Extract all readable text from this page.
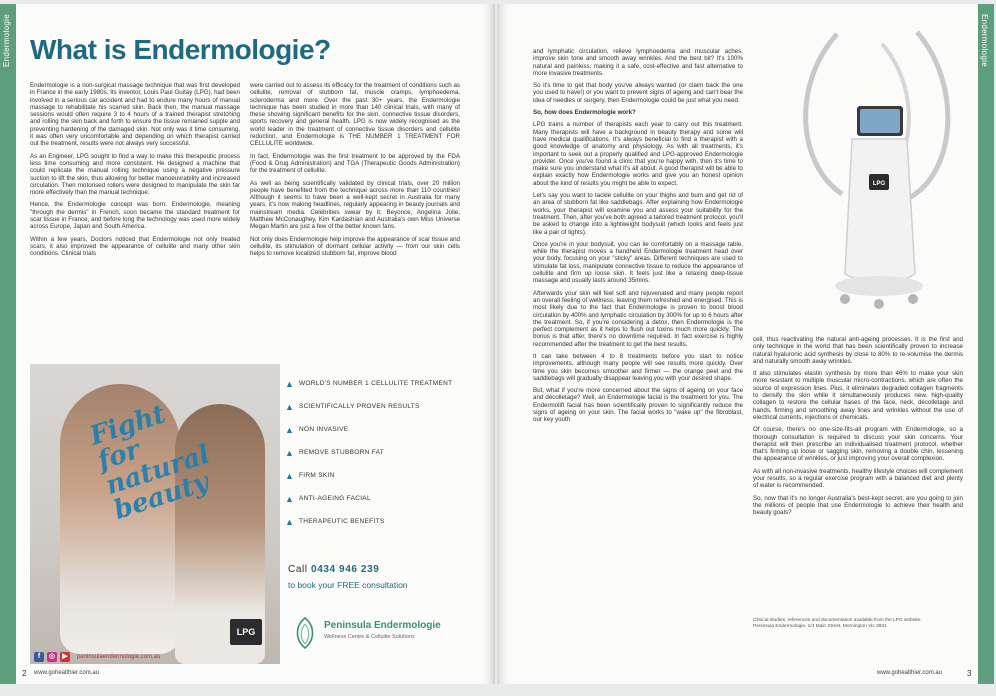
Endermologie What is Endermologie?

Endermologie is a non-surgical massage technique that was first developed in France in the early 1980s. Its inventor, Louis Paul Guitay (LPG), had been involved in a serious car accident and had to endure many hours of manual massage to rehabilitate his scarred skin. Back then, the manual massage sessions would often require 3 to 4 hours of a trained therapist stretching and rolling the skin back and forth to ensure the tissue remained supple and preventing hardening of the damaged skin. Not only was it time consuming, it was often very uncomfortable and depending on which therapist carried out the treatment, results were not always very successful.

As an Engineer, LPG sought to find a way to make this therapeutic process less time consuming and more consistent. He designed a machine that could replicate the manual rolling technique using a negative pressure suction to lift the skin, thus allowing for better manoeuvrability and increased circulation. Then motorised rollers were designed to manipulate the skin far more effectively than the manual technique.

Hence, the Endermologie concept was born. Endermologie, meaning "through the dermis" in French, soon became the standard treatment for scar tissue in France, and before long the technology was used more widely across Europe, Japan and South America.

Within a few years, Doctors noticed that Endermologie not only treated scars, it also improved the appearance of cellulite and many other skin conditions. Clinical trials

were carried out to assess its efficacy for the treatment of conditions such as cellulite, removal of stubborn fat, muscle cramps, lymphoedema, scleroderma and more. Over the past 30+ years, the Endermologie technique has been studied in more than 140 clinical trials, with many of these showing significant benefits for the skin, connective tissue disorders, sports recovery and general health. LPG is now widely recognised as the world leader in the treatment of connective tissue disorders and cellulite reduction, and Endermologie is THE NUMBER 1 TREATMENT FOR CELLULITE worldwide.

In fact, Endermologie was the first treatment to be approved by the FDA (Food & Drug Administration) and TGA (Therapeutic Goods Administration) for the treatment of cellulite.

As well as being scientifically validated by clinical trials, over 20 million people have benefited from the technique across more than 110 countries! Although it seems to have been a well-kept secret in Australia for many years, it's now making headlines, regularly appearing in beauty journals and mainstream media. Celebrities swear by it; Beyonce, Angelina Jolie, Matthew McConaughey, Kim Kardashian and Australia's own Miss Universe Megan Martin are just a few of the better known fans.

Not only does Endermologie help improve the appearance of scar tissue and cellulite, its stimulation of dormant cellular activity — from our skin cells helps to remove localized stubborn fat, improve blood

Fight for natural beauty
LPG
f	◎	▶	peninsulaendermologie.com.au
▲ WORLD'S NUMBER 1 CELLULITE TREATMENT
▲ SCIENTIFICALLY PROVEN RESULTS
▲ NON INVASIVE
▲ REMOVE STUBBORN FAT
▲ FIRM SKIN
▲ ANTI-AGEING FACIAL
▲ THERAPEUTIC BENEFITS
Call 0434 946 239
to book your FREE consultation
Peninsula Endermologie
Wellness Centre & Cellulite Solutions
2 www.gohealthier.com.au
Endermologie

and lymphatic circulation, relieve lymphoedema and muscular aches, improve skin tone and smooth away wrinkles. And the best bit? It's 100% natural and painless, making it a safe, cost-effective and fast alternative to more invasive treatments.

So it's time to get that body you've always wanted (or claim back the one you used to have!) or you want to prevent signs of ageing and can't bear the idea of needles or surgery, then Endermologie could be just what you need.

So, how does Endermologie work?

LPG trains a number of therapists each year to carry out this treatment. Many therapists will have a background in beauty therapy and some will have medical qualifications. It's always beneficial to find a therapist with a good knowledge of anatomy and physiology. As with all treatments, it's important to seek out a properly qualified and LPG-approved Endermologie provider. Once you've found a clinic that you're happy with, then it's time to make sure you understand what it's all about. A good therapist will be able to explain exactly how Endermologie works and give you an honest opinion about the kind of results you might be able to expect.

Let's say you want to tackle cellulite on your thighs and bum and get rid of an area of stubborn fat like saddlebags. After explaining how Endermologie works, your therapist will examine you and assess your suitability for the treatment. Then, after you've both agreed a tailored treatment protocol, you'll be asked to change into a lightweight bodysuit (which looks and feels just like a pair of tights).

Once you're in your bodysuit, you can lie comfortably on a massage table, while the therapist moves a handheld Endermologie treatment head over your body, focusing on your "sticky" areas. Different techniques are used to stimulate fat loss, manipulate connective tissue to reduce the appearance of cellulite and firm up loose skin. It feels just like a relaxing deep-tissue massage and usually lasts around 35mins.

Afterwards your skin will feel soft and rejuvenated and many people report an overall feeling of wellness, leaving them refreshed and energised. This is most likely due to the fact that Endermologie is proven to boost blood circulation by 400% and lymphatic circulation by 300% for up to 6 hours after the treatment. So, if you're considering a detox, then Endermologie is the perfect complement as it helps to flush out toxins much more quickly. The bonus is that after, there's no downtime required. In fact exercise is highly recommended after the treatment to get the best results.

It can take between 4 to 8 treatments before you start to notice improvements, although many people will see results more quickly. Over time you skin becomes smoother and firmer — the orange peel and the saddlebags will gradually disappear leaving you with your desired shape.

But, what if you're more concerned about the signs of ageing on your face and décolletage? Well, an Endermologie facial is the treatment for you. The Endermolift facial has been scientifically proven to significantly reduce the signs of ageing on your skin. The facial works to "wake up" the fibroblast, our key youth

LPG

cell, thus reactivating the natural anti-ageing processes. It is the first and only technique in the world that has been scientifically proven to increase natural hyaluronic acid synthesis by close to 80% to re-volumise the dermis and naturally smooth away wrinkles.

It also stimulates elastin synthesis by more than 46% to make your skin more resistant to multiple muscular micro-contractions, which are often the source of expression lines. Plus, it eliminates degraded collagen fragments to densify the skin while it simultaneously produces new, high-quality collagen to restore the cellular bases of the face, neck, décolletage and hands, firming and smoothing away lines and wrinkles without the use of electrical currents, injections or chemicals.

Of course, there's no one-size-fits-all program with Endermologie, so a thorough consultation is required to discuss your skin concerns. Your therapist will then prescribe an individualised treatment protocol, whether that's firming up loose or sagging skin, removing a double chin, lessening the appearance of wrinkles, or just improving your overall complexion.

As with all non-invasive treatments, healthy lifestyle choices will complement your results, so a regular exercise program with a balanced diet and plenty of water is recommended.

So, now that it's no longer Australia's best-kept secret, are you going to join the millions of people that use Endermologie to achieve their health and beauty goals?

Clinical studies, references and documentation available from the LPG website.
Peninsula Endermologie, 1/4 Main Street, Mornington Vic 3931
www.gohealthier.com.au	3
